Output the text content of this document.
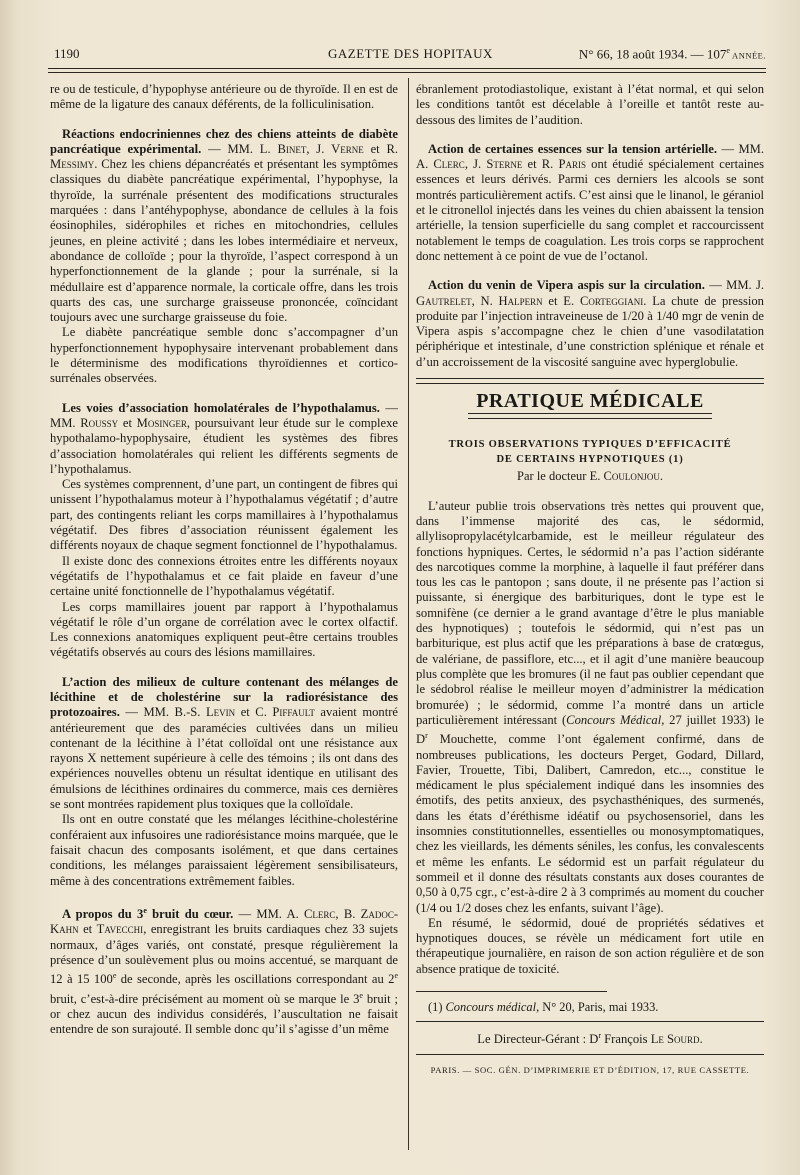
1190	GAZETTE DES HOPITAUX	N° 66, 18 août 1934. — 107e ANNÉE.

re ou de testicule, d’hypophyse antérieure ou de thyroïde. Il en est de même de la ligature des canaux déférents, de la folliculinisation.

Réactions endocriniennes chez des chiens atteints de diabète pancréatique expérimental. — MM. L. Binet, J. Verne et R. Messimy. Chez les chiens dépancréatés et présentant les symptômes classiques du diabète pancréatique expérimental, l’hypophyse, la thyroïde, la surrénale présentent des modifications structurales marquées : dans l’antéhypophyse, abondance de cellules à la fois éosinophiles, sidérophiles et riches en mitochondries, cellules jeunes, en pleine activité ; dans les lobes intermédiaire et nerveux, abondance de colloïde ; pour la thyroïde, l’aspect correspond à un hyperfonctionnement de la glande ; pour la surrénale, si la médullaire est d’apparence normale, la corticale offre, dans les trois quarts des cas, une surcharge graisseuse prononcée, coïncidant toujours avec une surcharge graisseuse du foie.

Le diabète pancréatique semble donc s’accompagner d’un hyperfonctionnement hypophysaire intervenant probablement dans le déterminisme des modifications thyroïdiennes et cortico-surrénales observées.

Les voies d’association homolatérales de l’hypothalamus. — MM. Roussy et Mosinger, poursuivant leur étude sur le complexe hypothalamo-hypophysaire, étudient les systèmes des fibres d’association homolatérales qui relient les différents segments de l’hypothalamus.

Ces systèmes comprennent, d’une part, un contingent de fibres qui unissent l’hypothalamus moteur à l’hypothalamus végétatif ; d’autre part, des contingents reliant les corps mamillaires à l’hypothalamus végétatif. Des fibres d’association réunissent également les différents noyaux de chaque segment fonctionnel de l’hypothalamus.

Il existe donc des connexions étroites entre les différents noyaux végétatifs de l’hypothalamus et ce fait plaide en faveur d’une certaine unité fonctionnelle de l’hypothalamus végétatif.

Les corps mamillaires jouent par rapport à l’hypothalamus végétatif le rôle d’un organe de corrélation avec le cortex olfactif. Les connexions anatomiques expliquent peut-être certains troubles végétatifs observés au cours des lésions mamillaires.

L’action des milieux de culture contenant des mélanges de lécithine et de cholestérine sur la radiorésistance des protozoaires. — MM. B.-S. Levin et C. Piffault avaient montré antérieurement que des paramécies cultivées dans un milieu contenant de la lécithine à l’état colloïdal ont une résistance aux rayons X nettement supérieure à celle des témoins ; ils ont dans des expériences nouvelles obtenu un résultat identique en utilisant des émulsions de lécithines ordinaires du commerce, mais ces dernières se sont montrées rapidement plus toxiques que la colloïdale.

Ils ont en outre constaté que les mélanges lécithine-cholestérine conféraient aux infusoires une radiorésistance moins marquée, que le faisait chacun des composants isolément, et que dans certaines conditions, les mélanges paraissaient légèrement sensibilisateurs, même à des concentrations extrêmement faibles.

A propos du 3e bruit du cœur. — MM. A. Clerc, B. Zadoc-Kahn et Tavecchi, enregistrant les bruits cardiaques chez 33 sujets normaux, d’âges variés, ont constaté, presque régulièrement la présence d’un soulèvement plus ou moins accentué, se marquant de 12 à 15 100e de seconde, après les oscillations correspondant au 2e bruit, c’est-à-dire précisément au moment où se marque le 3e bruit ; or chez aucun des individus considérés, l’auscultation ne faisait entendre de son surajouté. Il semble donc qu’il s’agisse d’un même

ébranlement protodiastolique, existant à l’état normal, et qui selon les conditions tantôt est décelable à l’oreille et tantôt reste au-dessous des limites de l’audition.

Action de certaines essences sur la tension artérielle. — MM. A. Clerc, J. Sterne et R. Paris ont étudié spécialement certaines essences et leurs dérivés. Parmi ces derniers les alcools se sont montrés particulièrement actifs. C’est ainsi que le linanol, le géraniol et le citronellol injectés dans les veines du chien abaissent la tension artérielle, la tension superficielle du sang complet et raccourcissent notablement le temps de coagulation. Les trois corps se rapprochent donc nettement à ce point de vue de l’octanol.

Action du venin de Vipera aspis sur la circulation. — MM. J. Gautrelet, N. Halpern et E. Corteggiani. La chute de pression produite par l’injection intraveineuse de 1/20 à 1/40 mgr de venin de Vipera aspis s’accompagne chez le chien d’une vasodilatation périphérique et intestinale, d’une constriction splénique et rénale et d’un accroissement de la viscosité sanguine avec hyperglobulie.

PRATIQUE MÉDICALE
TROIS OBSERVATIONS TYPIQUES D’EFFICACITÉ
DE CERTAINS HYPNOTIQUES (1)
Par le docteur E. Coulonjou.

L’auteur publie trois observations très nettes qui prouvent que, dans l’immense majorité des cas, le sédormid, allylisopropylacétylcarbamide, est le meilleur régulateur des fonctions hypniques. Certes, le sédormid n’a pas l’action sidérante des narcotiques comme la morphine, à laquelle il faut préférer dans tous les cas le pantopon ; sans doute, il ne présente pas l’action si puissante, si énergique des barbituriques, dont le type est le somnifène (ce dernier a le grand avantage d’être le plus maniable des hypnotiques) ; toutefois le sédormid, qui n’est pas un barbiturique, est plus actif que les préparations à base de cratœgus, de valériane, de passiflore, etc..., et il agit d’une manière beaucoup plus complète que les bromures (il ne faut pas oublier cependant que le sédobrol réalise le meilleur moyen d’administrer la médication bromurée) ; le sédormid, comme l’a montré dans un article particulièrement intéressant (Concours Médical, 27 juillet 1933) le $D^r$ Mouchette, comme l’ont également confirmé, dans de nombreuses publications, les docteurs Perget, Godard, Dillard, Favier, Trouette, Tibi, Dalibert, Camredon, etc..., constitue le médicament le plus spécialement indiqué dans les insomnies des émotifs, des petits anxieux, des psychasthéniques, des surmenés, dans les états d’éréthisme idéatif ou psychosensoriel, dans les insomnies constitutionnelles, essentielles ou monosymptomatiques, chez les vieillards, les déments séniles, les confus, les convalescents et même les enfants. Le sédormid est un parfait régulateur du sommeil et il donne des résultats constants aux doses courantes de 0,50 à 0,75 cgr., c’est-à-dire 2 à 3 comprimés au moment du coucher (1/4 ou 1/2 doses chez les enfants, suivant l’âge).

En résumé, le sédormid, doué de propriétés sédatives et hypnotiques douces, se révèle un médicament fort utile en thérapeutique journalière, en raison de son action régulière et de son absence pratique de toxicité.

(1) Concours médical, N° 20, Paris, mai 1933.

Le Directeur-Gérant : $D^r$ François Le Sourd.
PARIS. — SOC. GÉN. D’IMPRIMERIE ET D’ÉDITION, 17, RUE CASSETTE.
